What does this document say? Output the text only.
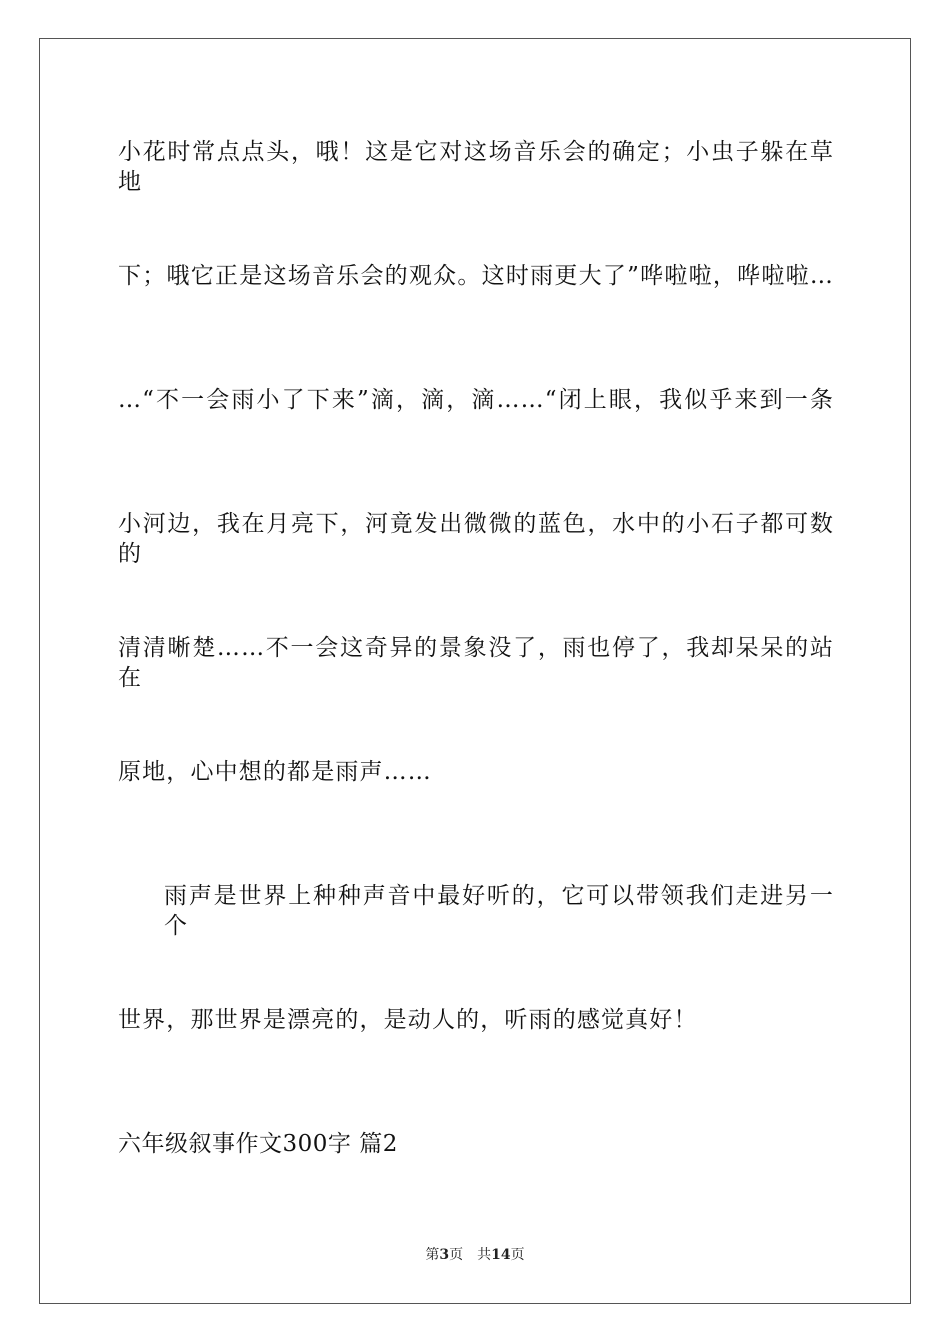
小花时常点点头，哦！这是它对这场音乐会的确定；小虫子躲在草地
下；哦它正是这场音乐会的观众。这时雨更大了”哗啦啦，哗啦啦…
…“不一会雨小了下来”滴，滴，滴……“闭上眼，我似乎来到一条
小河边，我在月亮下，河竟发出微微的蓝色，水中的小石子都可数的
清清晰楚……不一会这奇异的景象没了，雨也停了，我却呆呆的站在
原地，心中想的都是雨声……
雨声是世界上种种声音中最好听的，它可以带领我们走进另一个
世界，那世界是漂亮的，是动人的，听雨的感觉真好！
六年级叙事作文300字 篇2
第3页 共14页
